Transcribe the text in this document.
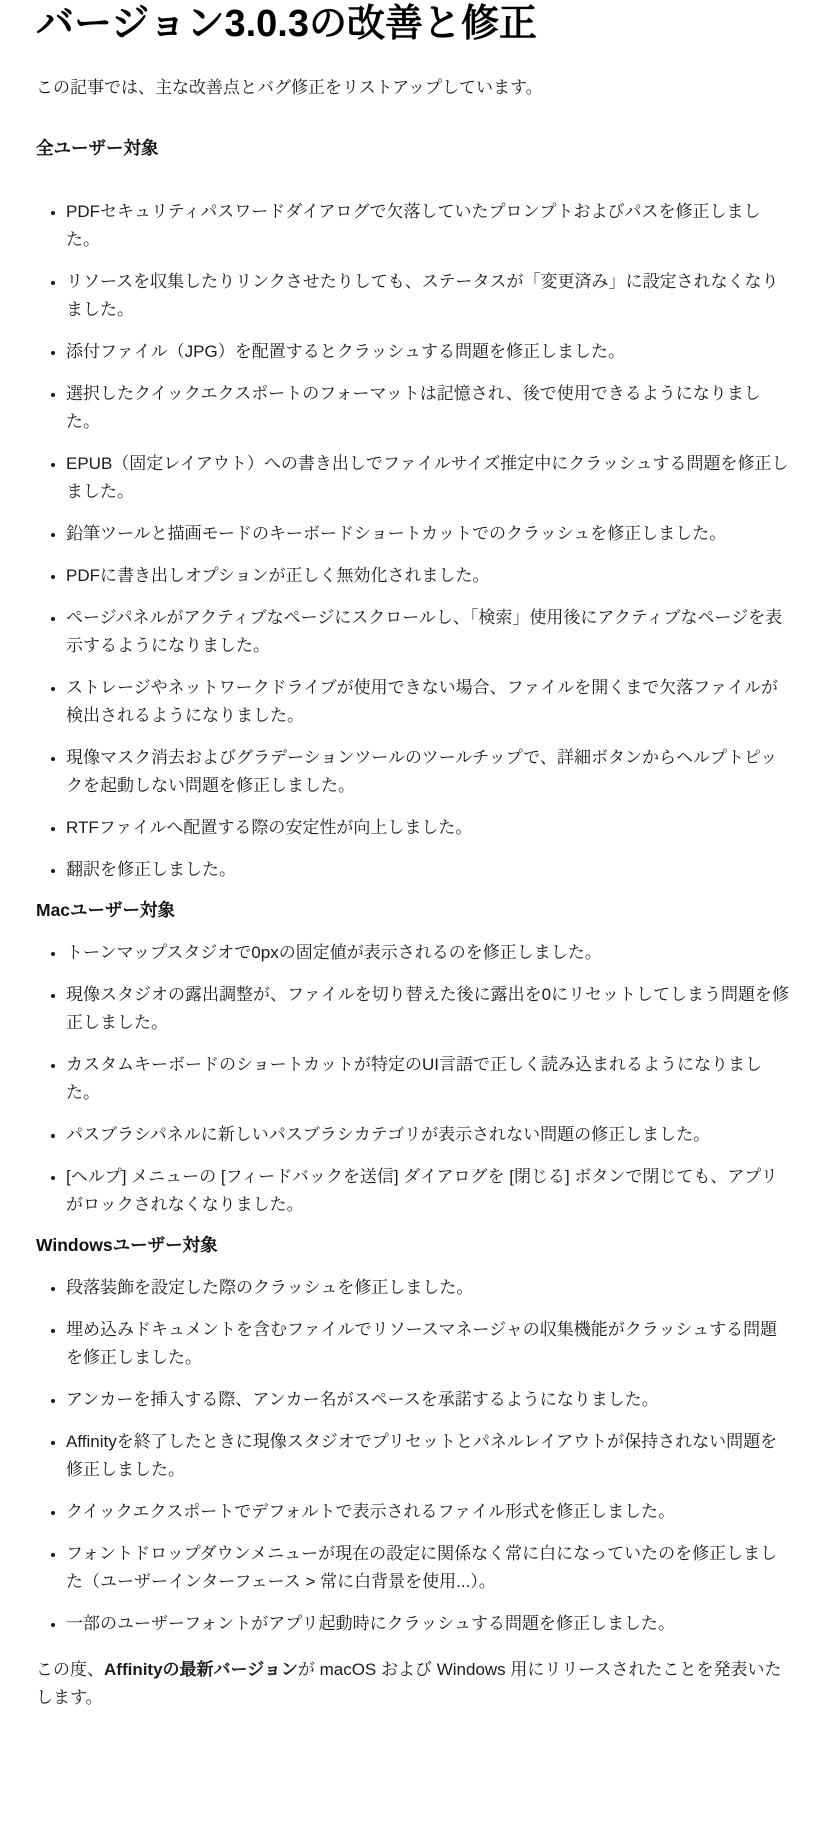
バージョン3.0.3の改善と修正

この記事では、主な改善点とバグ修正をリストアップしています。

全ユーザー対象
• PDFセキュリティパスワードダイアログで欠落していたプロンプトおよびパスを修正しました。
• リソースを収集したりリンクさせたりしても、ステータスが「変更済み」に設定されなくなりました。
• 添付ファイル（JPG）を配置するとクラッシュする問題を修正しました。
• 選択したクイックエクスポートのフォーマットは記憶され、後で使用できるようになりました。
• EPUB（固定レイアウト）への書き出しでファイルサイズ推定中にクラッシュする問題を修正しました。
• 鉛筆ツールと描画モードのキーボードショートカットでのクラッシュを修正しました。
• PDFに書き出しオプションが正しく無効化されました。
• ページパネルがアクティブなページにスクロールし、「検索」使用後にアクティブなページを表示するようになりました。
• ストレージやネットワークドライブが使用できない場合、ファイルを開くまで欠落ファイルが検出されるようになりました。
• 現像マスク消去およびグラデーションツールのツールチップで、詳細ボタンからヘルプトピックを起動しない問題を修正しました。
• RTFファイルへ配置する際の安定性が向上しました。
• 翻訳を修正しました。
Macユーザー対象
• トーンマップスタジオで0pxの固定値が表示されるのを修正しました。
• 現像スタジオの露出調整が、ファイルを切り替えた後に露出を0にリセットしてしまう問題を修正しました。
• カスタムキーボードのショートカットが特定のUI言語で正しく読み込まれるようになりました。
• パスブラシパネルに新しいパスブラシカテゴリが表示されない問題の修正しました。
• [ヘルプ] メニューの [フィードバックを送信] ダイアログを [閉じる] ボタンで閉じても、アプリがロックされなくなりました。
Windowsユーザー対象
• 段落装飾を設定した際のクラッシュを修正しました。
• 埋め込みドキュメントを含むファイルでリソースマネージャの収集機能がクラッシュする問題を修正しました。
• アンカーを挿入する際、アンカー名がスペースを承諾するようになりました。
• Affinityを終了したときに現像スタジオでプリセットとパネルレイアウトが保持されない問題を修正しました。
• クイックエクスポートでデフォルトで表示されるファイル形式を修正しました。
• フォントドロップダウンメニューが現在の設定に関係なく常に白になっていたのを修正しました（ユーザーインターフェース > 常に白背景を使用...）。
• 一部のユーザーフォントがアプリ起動時にクラッシュする問題を修正しました。

この度、Affinityの最新バージョンが macOS および Windows 用にリリースされたことを発表いたします。
